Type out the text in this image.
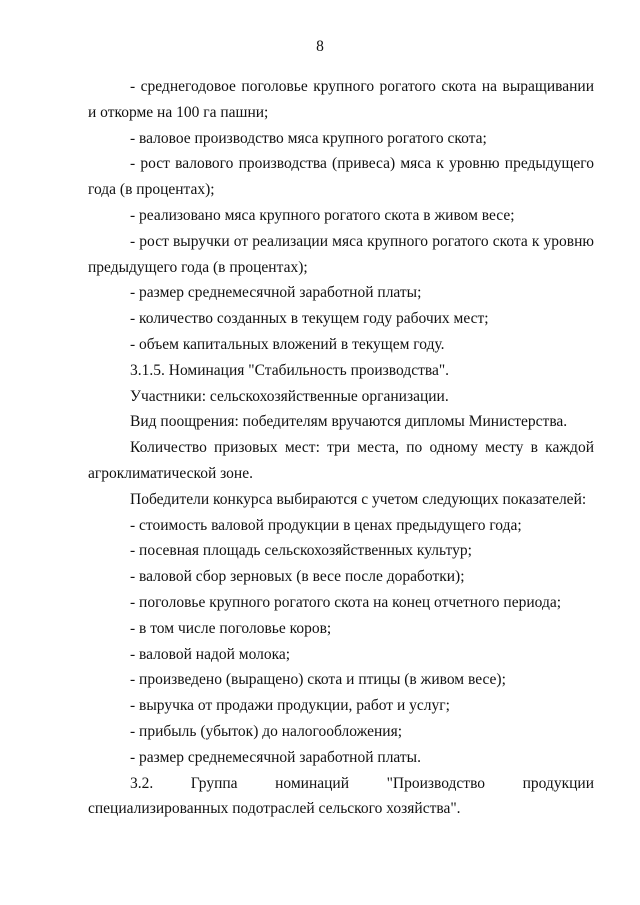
8

- среднегодовое поголовье крупного рогатого скота на выращивании и откорме на 100 га пашни;

- валовое производство мяса крупного рогатого скота;

- рост валового производства (привеса) мяса к уровню предыдущего года (в процентах);

- реализовано мяса крупного рогатого скота в живом весе;

- рост выручки от реализации мяса крупного рогатого скота к уровню предыдущего года (в процентах);

- размер среднемесячной заработной платы;

- количество созданных в текущем году рабочих мест;

- объем капитальных вложений в текущем году.

3.1.5. Номинация "Стабильность производства".

Участники: сельскохозяйственные организации.

Вид поощрения: победителям вручаются дипломы Министерства.

Количество призовых мест: три места, по одному месту в каждой агроклиматической зоне.

Победители конкурса выбираются с учетом следующих показателей:

- стоимость валовой продукции в ценах предыдущего года;

- посевная площадь сельскохозяйственных культур;

- валовой сбор зерновых (в весе после доработки);

- поголовье крупного рогатого скота на конец отчетного периода;

- в том числе поголовье коров;

- валовой надой молока;

- произведено (выращено) скота и птицы (в живом весе);

- выручка от продажи продукции, работ и услуг;

- прибыль (убыток) до налогообложения;

- размер среднемесячной заработной платы.

3.2. Группа номинаций "Производство продукции специализированных подотраслей сельского хозяйства".
